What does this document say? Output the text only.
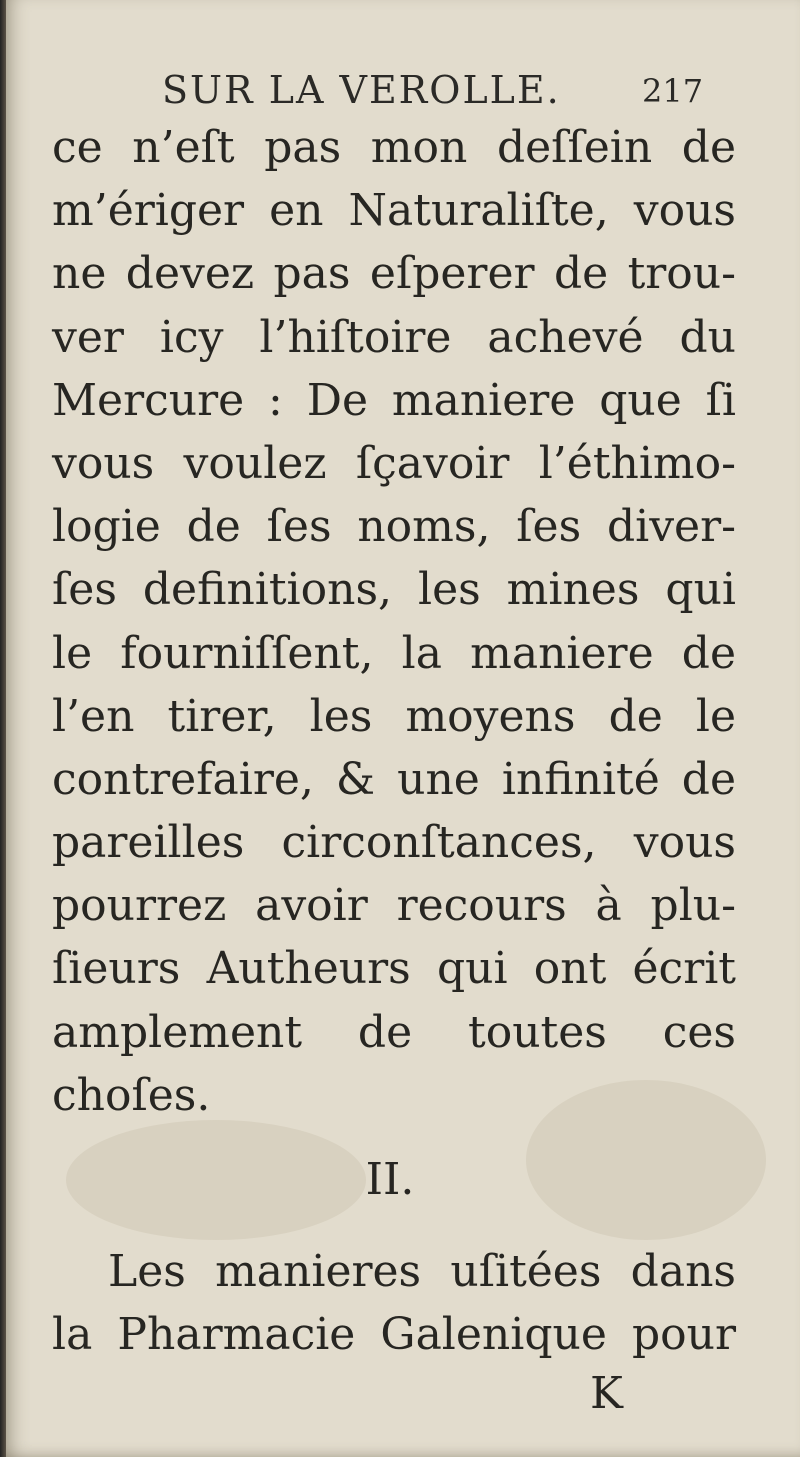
SUR LA VEROLLE.	217
ce n’eſt pas mon deſſein de
m’ériger en Naturaliſte, vous
ne devez pas eſperer de trou-
ver icy l’hiſtoire achevé du
Mercure : De maniere que ſi
vous voulez ſçavoir l’éthimo-
logie de ſes noms, ſes diver-
ſes definitions, les mines qui
le fourniſſent, la maniere de
l’en tirer, les moyens de le
contrefaire, & une infinité de
pareilles circonſtances, vous
pourrez avoir recours à plu-
ſieurs Autheurs qui ont écrit
amplement de toutes ces
choſes.
II.
Les manieres uſitées dans
la Pharmacie Galenique pour
K
